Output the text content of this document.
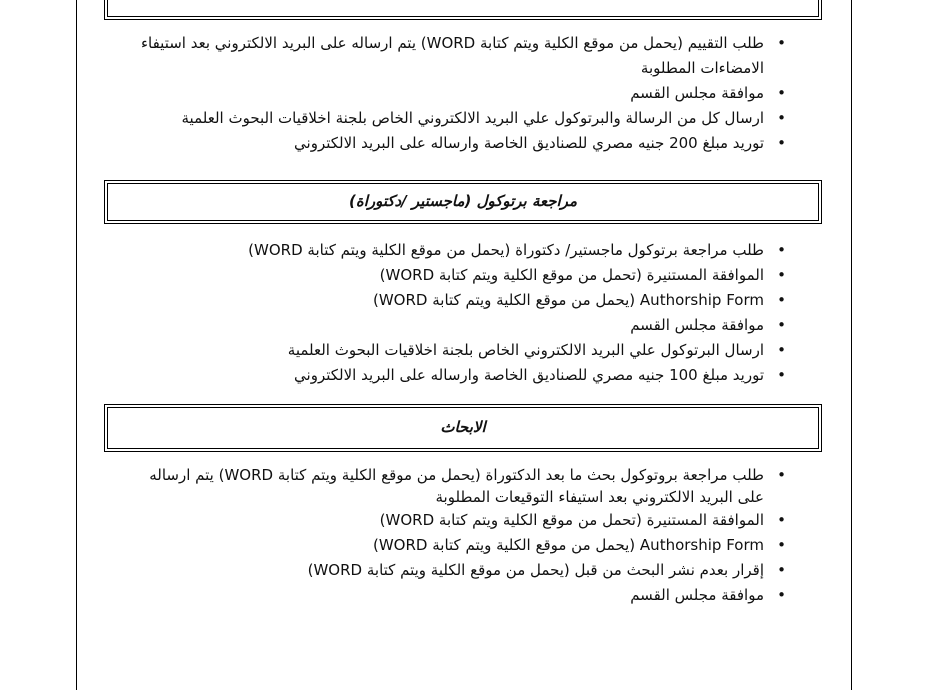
• طلب التقييم (يحمل من موقع الكلية ويتم كتابة WORD) يتم ارساله على البريد الالكتروني بعد استيفاء الامضاءات المطلوبة
• موافقة مجلس القسم
• ارسال كل من الرسالة والبرتوكول علي البريد الالكتروني الخاص بلجنة اخلاقيات البحوث العلمية
• توريد مبلغ 200 جنيه مصري للصناديق الخاصة وارساله على البريد الالكتروني
مراجعة برتوكول (ماجستير /دكتوراة)
• طلب مراجعة برتوكول ماجستير/ دكتوراة (يحمل من موقع الكلية ويتم كتابة WORD)
• الموافقة المستنيرة (تحمل من موقع الكلية ويتم كتابة WORD)
• Authorship Form (يحمل من موقع الكلية ويتم كتابة WORD)
• موافقة مجلس القسم
• ارسال البرتوكول علي البريد الالكتروني الخاص بلجنة اخلاقيات البحوث العلمية
• توريد مبلغ 100 جنيه مصري للصناديق الخاصة وارساله على البريد الالكتروني
الابحاث
• طلب مراجعة بروتوكول بحث ما بعد الدكتوراة (يحمل من موقع الكلية ويتم كتابة WORD) يتم ارساله على البريد الالكتروني بعد استيفاء التوقيعات المطلوبة
• الموافقة المستنيرة (تحمل من موقع الكلية ويتم كتابة WORD)
• Authorship Form (يحمل من موقع الكلية ويتم كتابة WORD)
• إقرار بعدم نشر البحث من قبل (يحمل من موقع الكلية ويتم كتابة WORD)
• موافقة مجلس القسم
